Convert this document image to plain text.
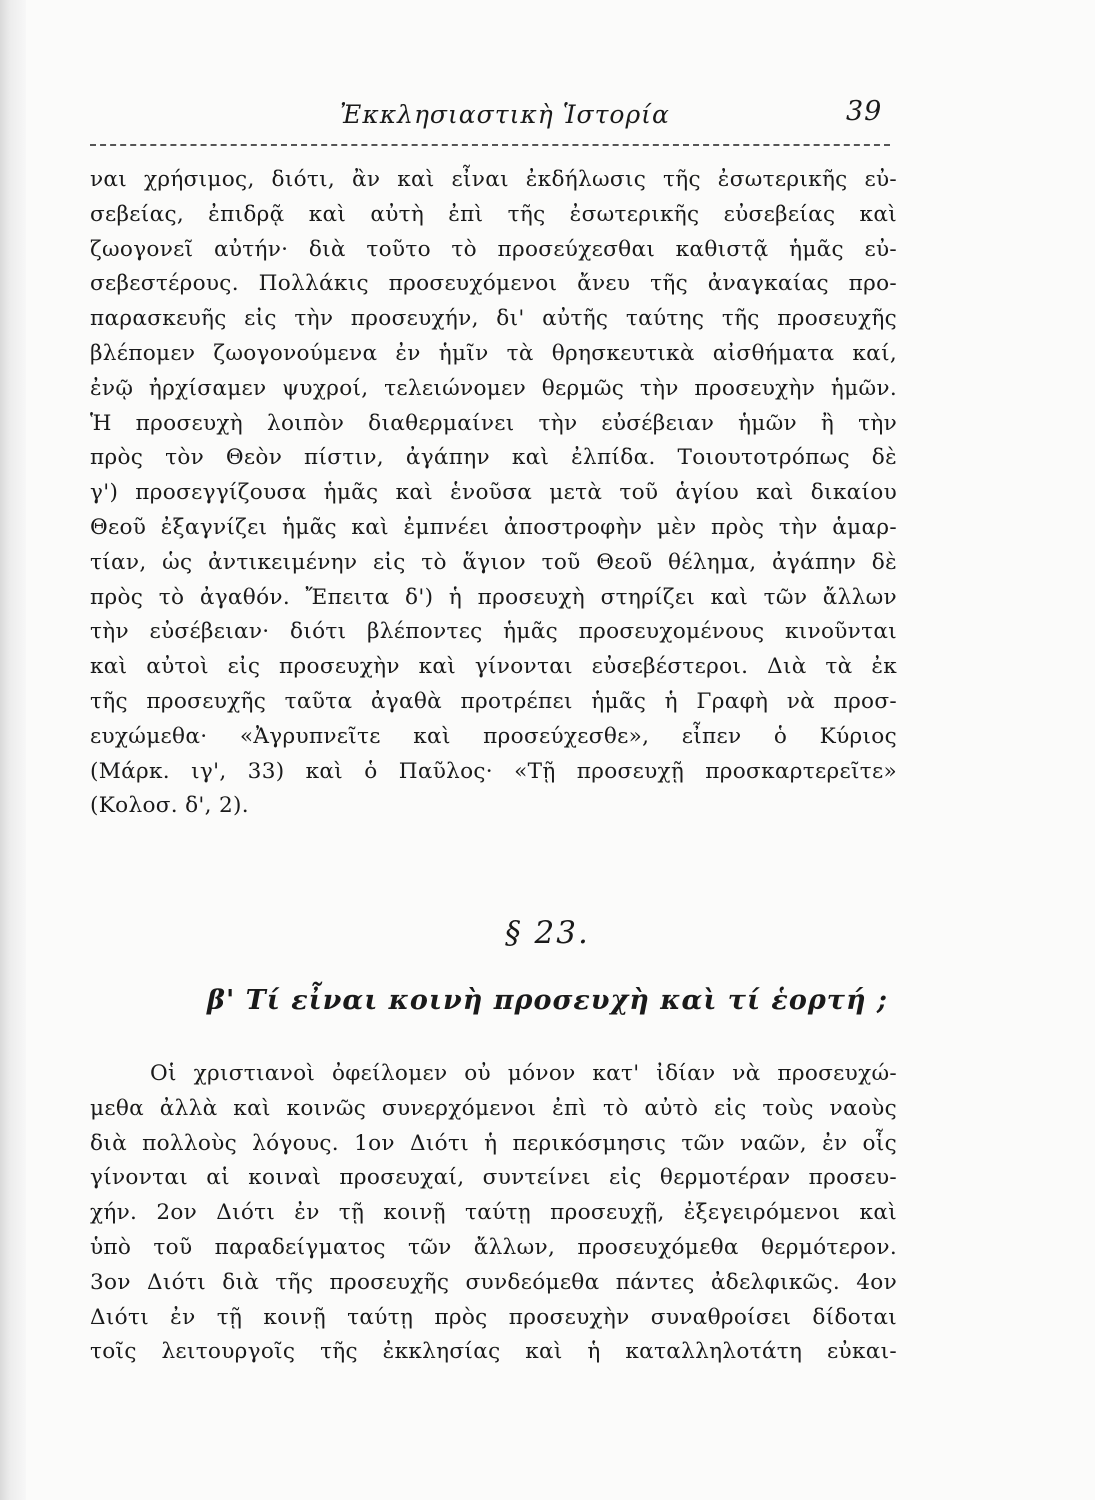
Ἐκκλησιαστικὴ Ἱστορία	39
ναι χρήσιμος, διότι, ἂν καὶ εἶναι ἐκδήλωσις τῆς ἐσωτερικῆς εὐ-
σεβείας, ἐπιδρᾷ καὶ αὐτὴ ἐπὶ τῆς ἐσωτερικῆς εὐσεβείας καὶ
ζωογονεῖ αὐτήν· διὰ τοῦτο τὸ προσεύχεσθαι καθιστᾷ ἡμᾶς εὐ-
σεβεστέρους. Πολλάκις προσευχόμενοι ἄνευ τῆς ἀναγκαίας προ-
παρασκευῆς εἰς τὴν προσευχήν, δι' αὐτῆς ταύτης τῆς προσευχῆς
βλέπομεν ζωογονούμενα ἐν ἡμῖν τὰ θρησκευτικὰ αἰσθήματα καί,
ἐνῷ ἠρχίσαμεν ψυχροί, τελειώνομεν θερμῶς τὴν προσευχὴν ἡμῶν.
Ἡ προσευχὴ λοιπὸν διαθερμαίνει τὴν εὐσέβειαν ἡμῶν ἢ τὴν
πρὸς τὸν Θεὸν πίστιν, ἀγάπην καὶ ἐλπίδα. Τοιουτοτρόπως δὲ
γ') προσεγγίζουσα ἡμᾶς καὶ ἑνοῦσα μετὰ τοῦ ἁγίου καὶ δικαίου
Θεοῦ ἐξαγνίζει ἡμᾶς καὶ ἐμπνέει ἀποστροφὴν μὲν πρὸς τὴν ἁμαρ-
τίαν, ὡς ἀντικειμένην εἰς τὸ ἅγιον τοῦ Θεοῦ θέλημα, ἀγάπην δὲ
πρὸς τὸ ἀγαθόν. Ἔπειτα δ') ἡ προσευχὴ στηρίζει καὶ τῶν ἄλλων
τὴν εὐσέβειαν· διότι βλέποντες ἡμᾶς προσευχομένους κινοῦνται
καὶ αὐτοὶ εἰς προσευχὴν καὶ γίνονται εὐσεβέστεροι. Διὰ τὰ ἐκ
τῆς προσευχῆς ταῦτα ἀγαθὰ προτρέπει ἡμᾶς ἡ Γραφὴ νὰ προσ-
ευχώμεθα· «Ἀγρυπνεῖτε καὶ προσεύχεσθε», εἶπεν ὁ Κύριος
(Μάρκ. ιγ', 33) καὶ ὁ Παῦλος· «Τῇ προσευχῇ προσκαρτερεῖτε»
(Κολοσ. δ', 2).
§ 23.
β' Τί εἶναι κοινὴ προσευχὴ καὶ τί ἑορτή ;
Οἱ χριστιανοὶ ὀφείλομεν οὐ μόνον κατ' ἰδίαν νὰ προσευχώ-
μεθα ἀλλὰ καὶ κοινῶς συνερχόμενοι ἐπὶ τὸ αὐτὸ εἰς τοὺς ναοὺς
διὰ πολλοὺς λόγους. 1ον Διότι ἡ περικόσμησις τῶν ναῶν, ἐν οἷς
γίνονται αἱ κοιναὶ προσευχαί, συντείνει εἰς θερμοτέραν προσευ-
χήν. 2ον Διότι ἐν τῇ κοινῇ ταύτῃ προσευχῇ, ἐξεγειρόμενοι καὶ
ὑπὸ τοῦ παραδείγματος τῶν ἄλλων, προσευχόμεθα θερμότερον.
3ον Διότι διὰ τῆς προσευχῆς συνδεόμεθα πάντες ἀδελφικῶς. 4ον
Διότι ἐν τῇ κοινῇ ταύτῃ πρὸς προσευχὴν συναθροίσει δίδοται
τοῖς λειτουργοῖς τῆς ἐκκλησίας καὶ ἡ καταλληλοτάτη εὐκαι-
